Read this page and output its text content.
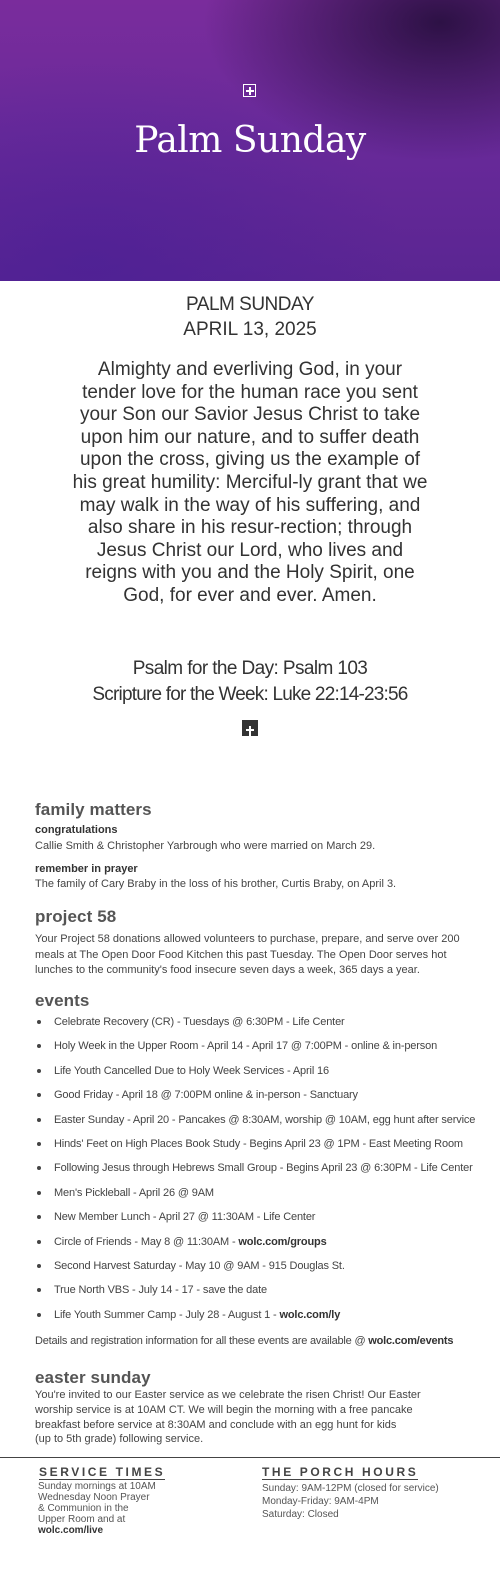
Palm Sunday
PALM SUNDAY
APRIL 13, 2025
Almighty and everliving God, in your tender love for the human race you sent your Son our Savior Jesus Christ to take upon him our nature, and to suffer death upon the cross, giving us the example of his great humility: Merciful-ly grant that we may walk in the way of his suffering, and also share in his resur-rection; through Jesus Christ our Lord, who lives and reigns with you and the Holy Spirit, one God, for ever and ever. Amen.
Psalm for the Day: Psalm 103
Scripture for the Week: Luke 22:14-23:56
family matters
congratulations
Callie Smith & Christopher Yarbrough who were married on March 29.
remember in prayer
The family of Cary Braby in the loss of his brother, Curtis Braby, on April 3.
project 58
Your Project 58 donations allowed volunteers to purchase, prepare, and serve over 200 meals at The Open Door Food Kitchen this past Tuesday. The Open Door serves hot lunches to the community's food insecure seven days a week, 365 days a year.
events
Celebrate Recovery (CR) - Tuesdays @ 6:30PM - Life Center
Holy Week in the Upper Room - April 14 - April 17 @ 7:00PM - online & in-person
Life Youth Cancelled Due to Holy Week Services - April 16
Good Friday - April 18 @ 7:00PM online & in-person - Sanctuary
Easter Sunday - April 20 - Pancakes @ 8:30AM, worship @ 10AM, egg hunt after service
Hinds' Feet on High Places Book Study - Begins April 23 @ 1PM - East Meeting Room
Following Jesus through Hebrews Small Group - Begins April 23 @ 6:30PM - Life Center
Men's Pickleball - April 26 @ 9AM
New Member Lunch - April 27 @ 11:30AM - Life Center
Circle of Friends - May 8 @ 11:30AM - wolc.com/groups
Second Harvest Saturday - May 10 @ 9AM - 915 Douglas St.
True North VBS - July 14 - 17 - save the date
Life Youth Summer Camp - July 28 - August 1 - wolc.com/ly
Details and registration information for all these events are available @ wolc.com/events
easter sunday
You're invited to our Easter service as we celebrate the risen Christ! Our Easter
worship service is at 10AM CT. We will begin the morning with a free pancake
breakfast before service at 8:30AM and conclude with an egg hunt for kids
(up to 5th grade) following service.
SERVICE TIMES
Sunday mornings at 10AM
Wednesday Noon Prayer
& Communion in the
Upper Room and at
wolc.com/live
THE PORCH HOURS
Sunday: 9AM-12PM (closed for service)
Monday-Friday: 9AM-4PM
Saturday: Closed
